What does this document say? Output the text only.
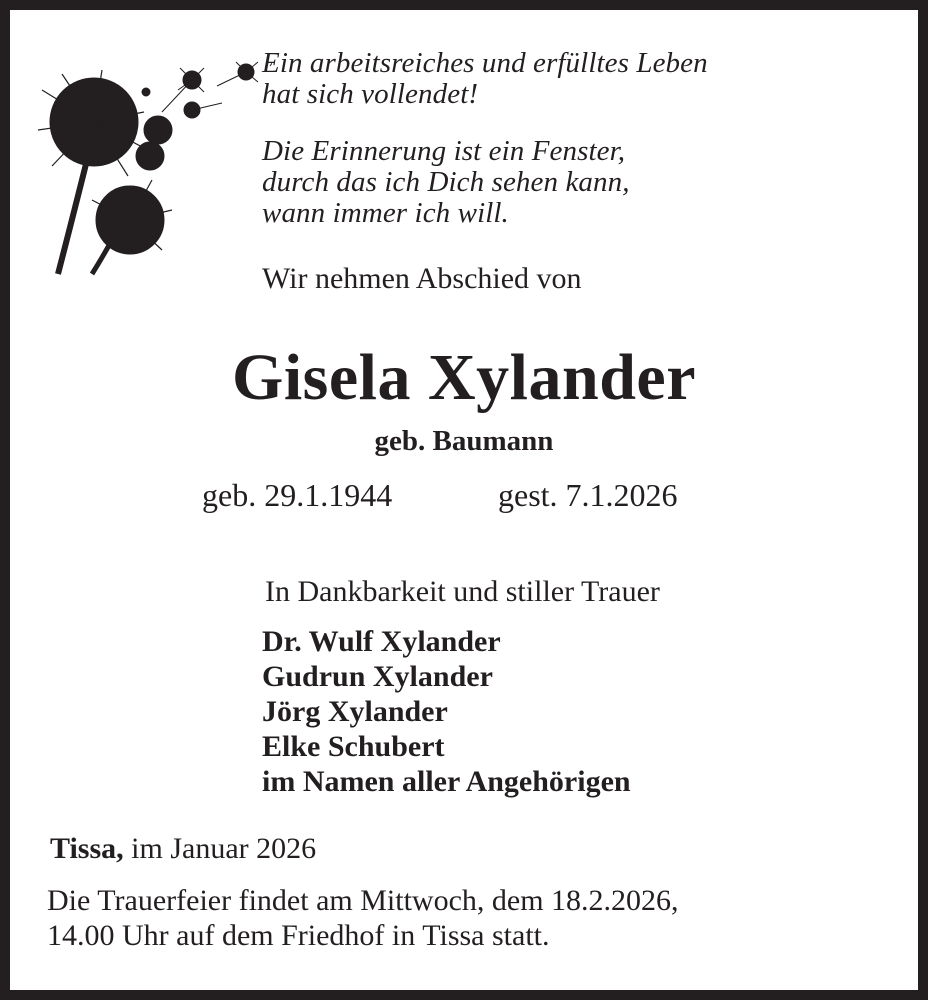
Ein arbeitsreiches und erfülltes Leben
hat sich vollendet!
Die Erinnerung ist ein Fenster,
durch das ich Dich sehen kann,
wann immer ich will.
Wir nehmen Abschied von
Gisela Xylander
geb. Baumann
geb. 29.1.1944	gest. 7.1.2026
In Dankbarkeit und stiller Trauer
Dr. Wulf Xylander
Gudrun Xylander
Jörg Xylander
Elke Schubert
im Namen aller Angehörigen
Tissa, im Januar 2026
Die Trauerfeier findet am Mittwoch, dem 18.2.2026,
14.00 Uhr auf dem Friedhof in Tissa statt.
